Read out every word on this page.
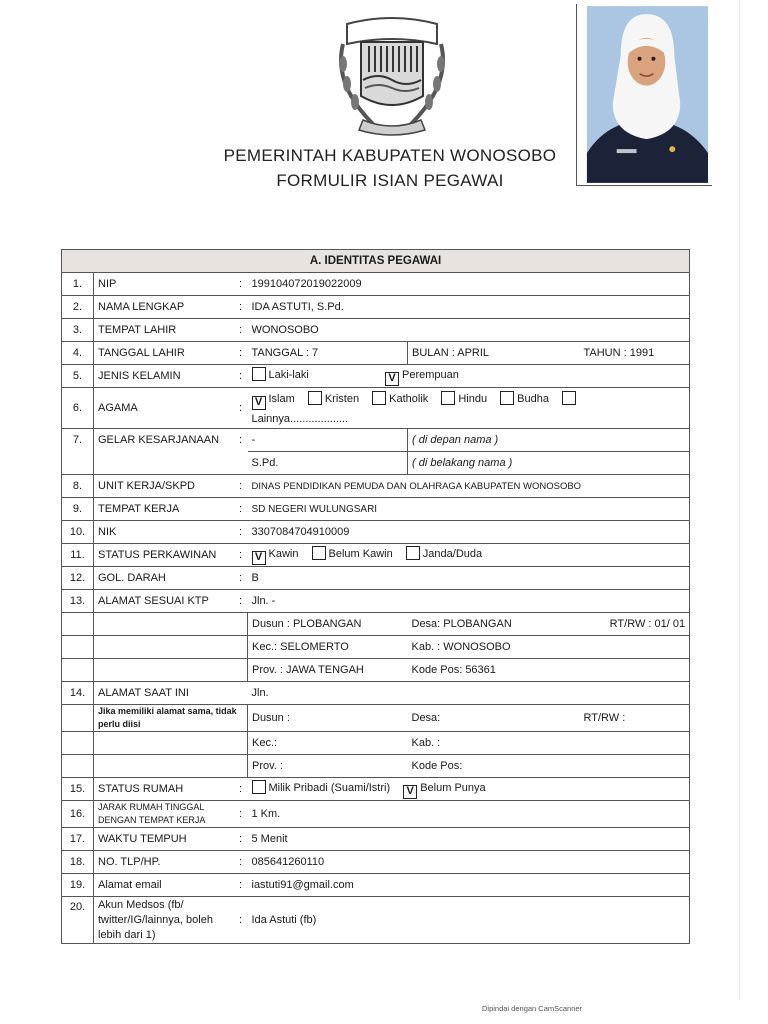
PEMERINTAH KABUPATEN WONOSOBO
FORMULIR ISIAN PEGAWAI
A. IDENTITAS PEGAWAI					
1.	NIP	:	199104072019022009		
2.	NAMA LENGKAP	:	IDA ASTUTI, S.Pd.		
3.	TEMPAT LAHIR	:	WONOSOBO		
4.	TANGGAL LAHIR	:	TANGGAL : 7	BULAN : APRIL	TAHUN : 1991
5.	JENIS KELAMIN	:	Laki-laki V Perempuan		
6.	AGAMA	:	V Islam Kristen Katholik Hindu Budha
Lainnya...................		

7.	GELAR KESARJANAAN	:	-	( di depan nama )	
			S.Pd.	( di belakang nama )	
8.	UNIT KERJA/SKPD	:	DINAS PENDIDIKAN PEMUDA DAN OLAHRAGA KABUPATEN WONOSOBO		
9.	TEMPAT KERJA	:	SD NEGERI WULUNGSARI		
10.	NIK	:	3307084704910009		
11.	STATUS PERKAWINAN	:	V Kawin Belum Kawin Janda/Duda		
12.	GOL. DARAH	:	B		
13.	ALAMAT SESUAI KTP	:	Jln. -		
			Dusun : PLOBANGAN	Desa: PLOBANGAN	RT/RW : 01/ 01
			Kec.: SELOMERTO	Kab. : WONOSOBO	
			Prov. : JAWA TENGAH	Kode Pos: 56361	
14.	ALAMAT SAAT INI		Jln.		
	Jika memiliki alamat sama, tidak perlu diisi		Dusun :	Desa:	RT/RW :
			Kec.:	Kab. :	
			Prov. :	Kode Pos:	
15.	STATUS RUMAH	:	Milik Pribadi (Suami/Istri) V Belum Punya		
16.	JARAK RUMAH TINGGAL DENGAN TEMPAT KERJA	:	1 Km.		
17.	WAKTU TEMPUH	:	5 Menit		
18.	NO. TLP/HP.	:	085641260110		
19.	Alamat email	:	iastuti91@gmail.com		
20.	Akun Medsos (fb/ twitter/IG/lainnya, boleh lebih dari 1)	:	Ida Astuti (fb)		
Dipindai dengan CamScanner
